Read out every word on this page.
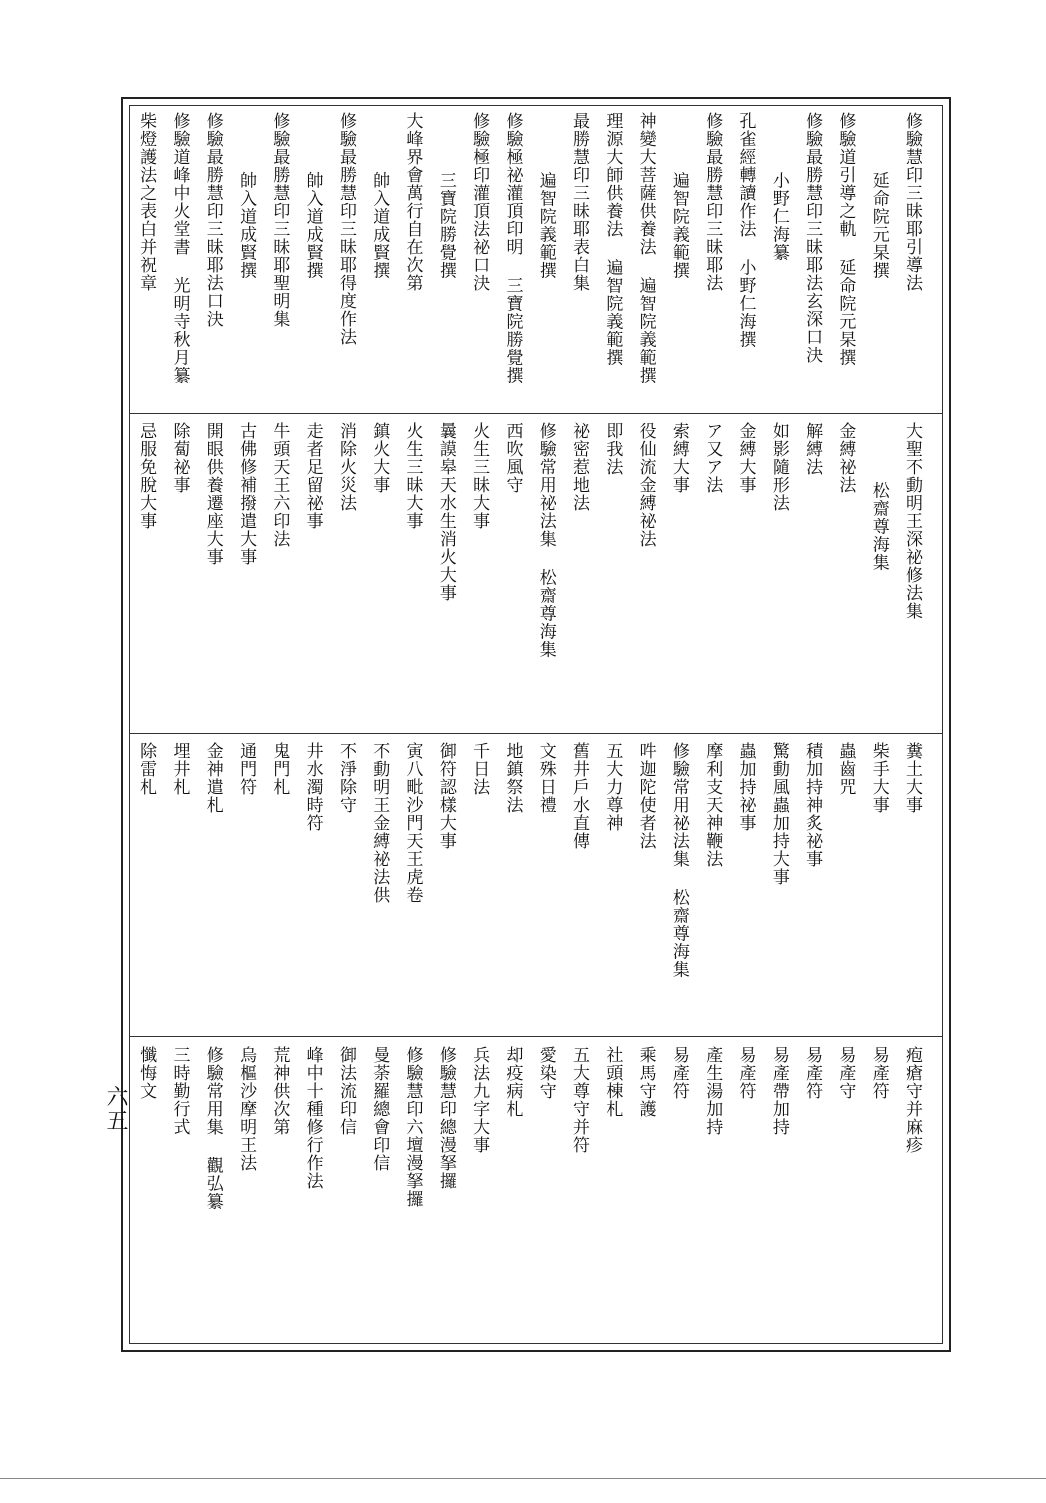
修驗慧印三昧耶引導法
延命院元杲撰
修驗道引導之軌延命院元杲撰
修驗最勝慧印三昧耶法玄深口決
小野仁海纂
孔雀經轉讀作法小野仁海撰
修驗最勝慧印三昧耶法
遍智院義範撰
神變大菩薩供養法遍智院義範撰
理源大師供養法遍智院義範撰
最勝慧印三昧耶表白集
遍智院義範撰
修驗極祕灌頂印明三寶院勝覺撰
修驗極印灌頂法祕口決
三寶院勝覺撰
大峰界會萬行自在次第
帥入道成賢撰
修驗最勝慧印三昧耶得度作法
帥入道成賢撰
修驗最勝慧印三昧耶聖明集
帥入道成賢撰
修驗最勝慧印三昧耶法口決
修驗道峰中火堂書光明寺秋月纂
柴燈護法之表白并祝章
大聖不動明王深祕修法集
松齋尊海集
金縛祕法
解縛法
如影隨形法
金縛大事
ア又ア法
索縛大事
役仙流金縛祕法
即我法
祕密惹地法
修驗常用祕法集松齋尊海集
西吹風守
火生三昧大事
曩謨皋天水生消火大事
火生三昧大事
鎮火大事
消除火災法
走者足留祕事
牛頭天王六印法
古佛修補撥遣大事
開眼供養遷座大事
除蔔祕事
忌服免脫大事
糞土大事
柴手大事
蟲齒咒
積加持神炙祕事
驚動風蟲加持大事
蟲加持祕事
摩利支天神鞭法
修驗常用祕法集松齋尊海集
吽迦陀使者法
五大力尊神
舊井戶水直傳
文殊日禮
地鎮祭法
千日法
御符認樣大事
寅八毗沙門天王虎卷
不動明王金縛祕法供
不淨除守
井水濁時符
鬼門札
通門符
金神遣札
埋井札
除雷札
疱瘡守并麻疹
易產符
易產守
易產符
易產帶加持
易產符
產生湯加持
易產符
乘馬守護
社頭棟札
五大尊守并符
愛染守
却疫病札
兵法九字大事
修驗慧印總漫拏攞
修驗慧印六壇漫拏攞
曼荼羅總會印信
御法流印信
峰中十種修行作法
荒神供次第
烏樞沙摩明王法
修驗常用集觀弘纂
三時勤行式
懺悔文
六五
